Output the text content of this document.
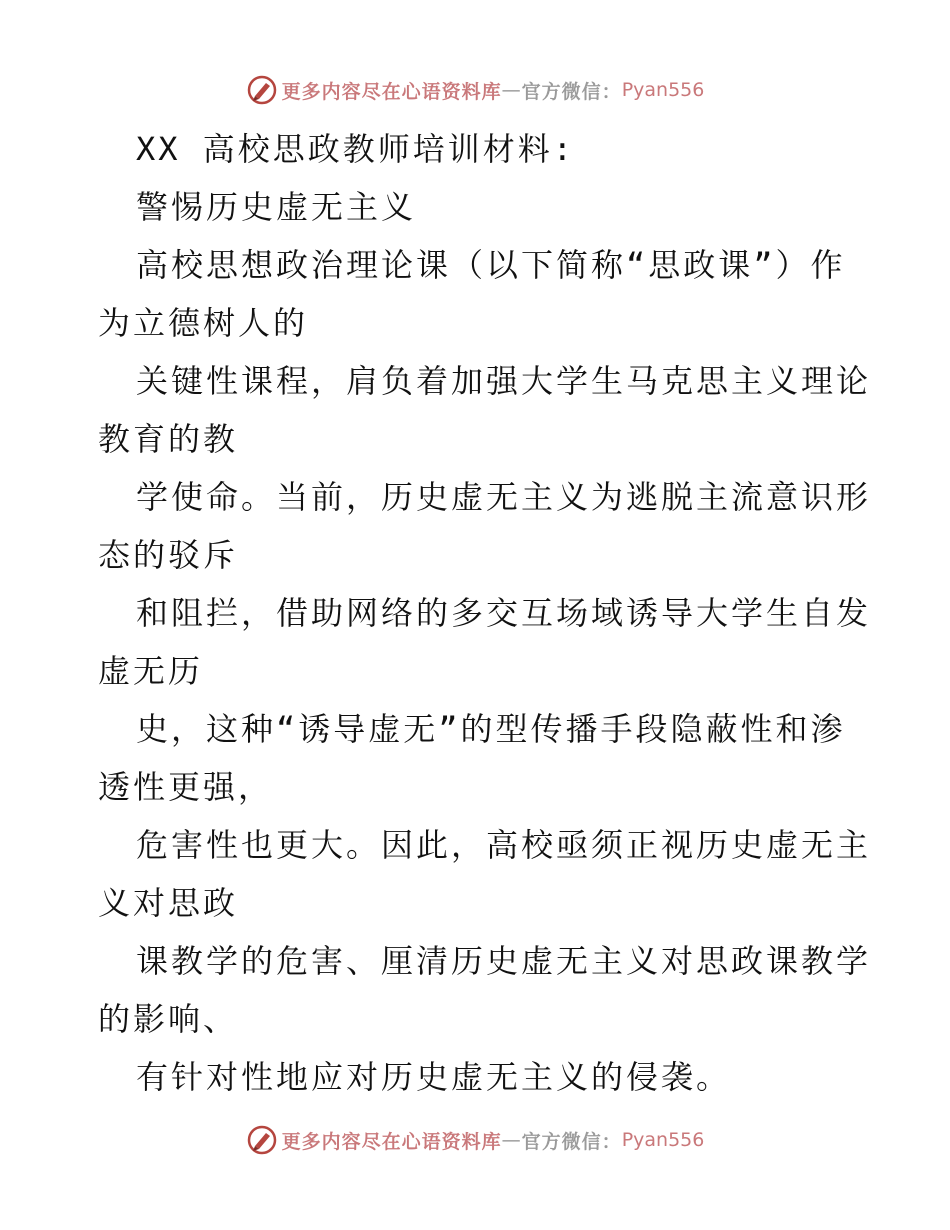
更多内容尽在心语资料库 — 官方微信： Pyan556
XX 高校思政教师培训材料:
警惕历史虚无主义
高校思想政治理论课（以下简称“思政课”）作
为立德树人的
关键性课程，肩负着加强大学生马克思主义理论
教育的教
学使命。当前，历史虚无主义为逃脱主流意识形
态的驳斥
和阻拦，借助网络的多交互场域诱导大学生自发
虚无历
史，这种“诱导虚无”的型传播手段隐蔽性和渗
透性更强，
危害性也更大。因此，高校亟须正视历史虚无主
义对思政
课教学的危害、厘清历史虚无主义对思政课教学
的影响、
有针对性地应对历史虚无主义的侵袭。
更多内容尽在心语资料库 — 官方微信： Pyan556
